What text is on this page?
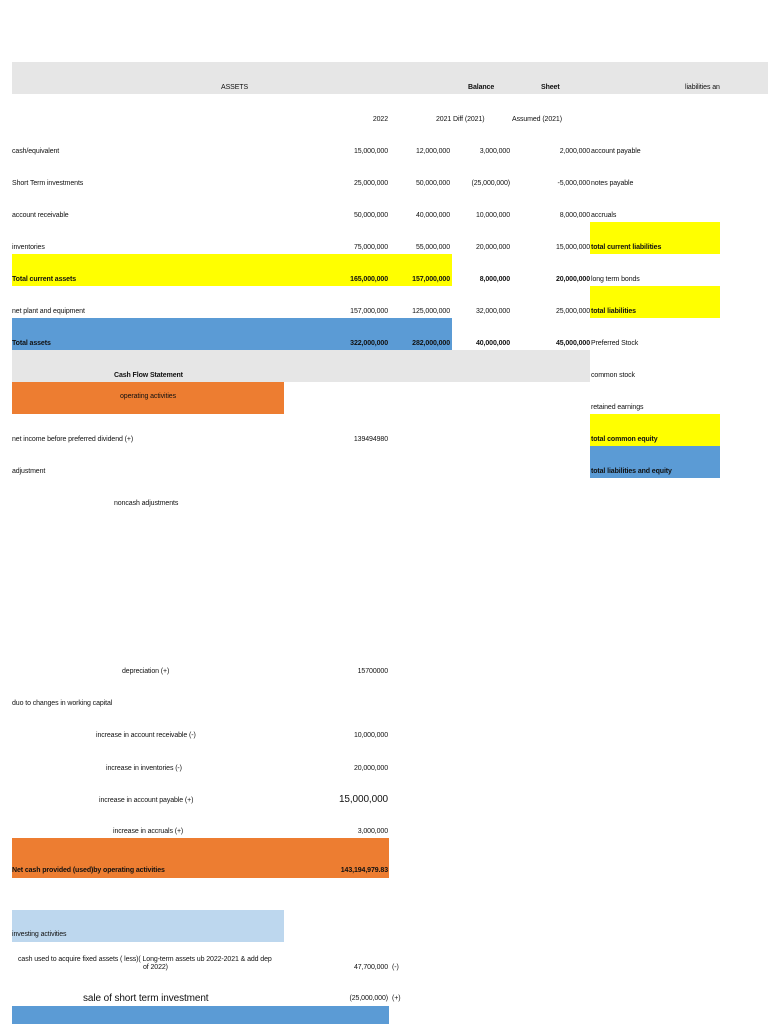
ASSETS	Balance	Sheet	liabilities an
2022	2021 Diff (2021)	Assumed (2021)
cash/equivalent	15,000,000	12,000,000	3,000,000	2,000,000 account payable
Short Term investments	25,000,000	50,000,000	(25,000,000)	-5,000,000 notes payable
account receivable	50,000,000	40,000,000	10,000,000	8,000,000 accruals
inventories	75,000,000	55,000,000	20,000,000	15,000,000 total current liabilities
Total current assets	165,000,000	157,000,000	8,000,000	20,000,000 long term bonds
net plant and equipment	157,000,000	125,000,000	32,000,000	25,000,000 total liabilities
Total assets	322,000,000	282,000,000	40,000,000	45,000,000 Preferred Stock
Cash Flow Statement	common stock
operating activities
retained earnings
total common equity
total liabilities and equity
net income before preferred dividend (+)	139494980
adjustment
noncash adjustments
depreciation (+)	15700000
duo to changes in working capital
increase in account receivable (-)	10,000,000
increase in inventories (-)	20,000,000
increase in account payable (+)	15,000,000
increase in accruals (+)	3,000,000
Net cash provided (used)by operating activities	143,194,979.83
investing activities
cash used to acquire fixed assets ( less)( Long-term assets ub 2022-2021 & add dep
of 2022)	47,700,000 (-)
sale of short term investment	(25,000,000) (+)
